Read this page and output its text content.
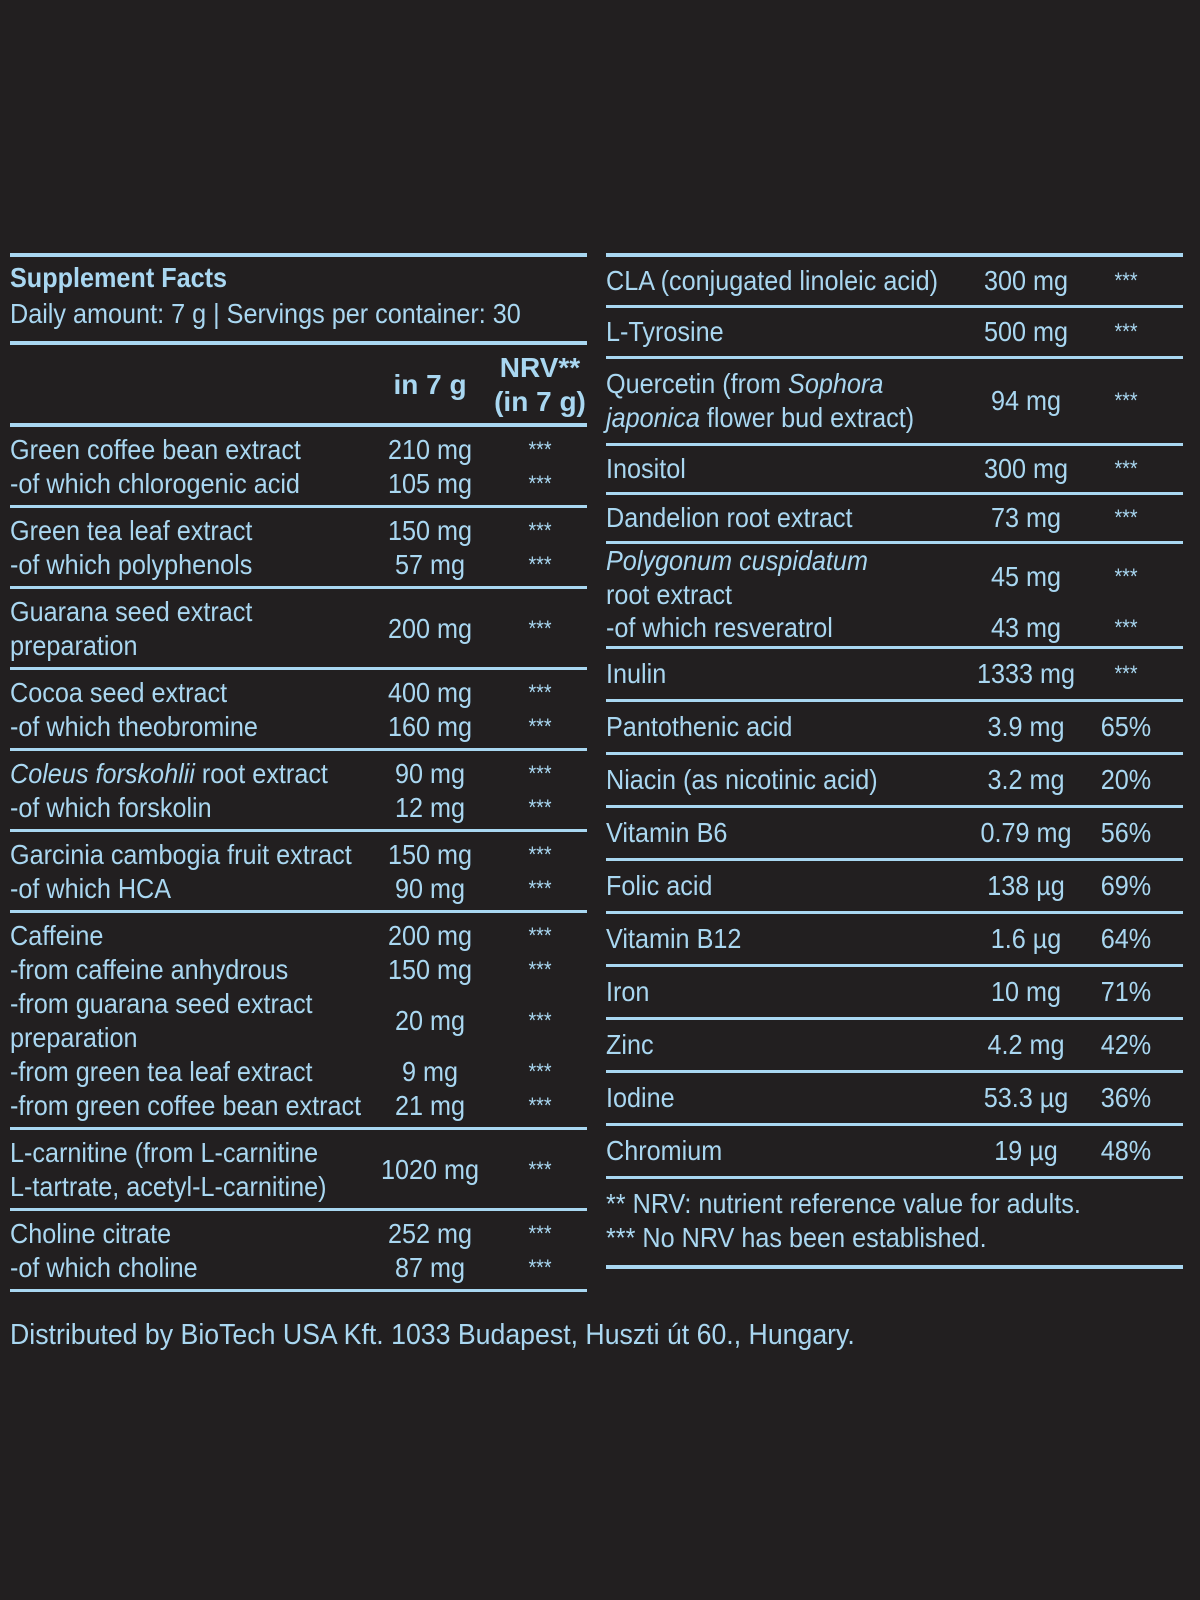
Supplement Facts
Daily amount: 7 g | Servings per container: 30
in 7 g
NRV**
(in 7 g)
Green coffee bean extract	210 mg	***
-of which chlorogenic acid	105 mg	***
Green tea leaf extract	150 mg	***
-of which polyphenols	57 mg	***
Guarana seed extract
preparation
200 mg	***
Cocoa seed extract	400 mg	***
-of which theobromine	160 mg	***
Coleus forskohlii root extract	90 mg	***
-of which forskolin	12 mg	***
Garcinia cambogia fruit extract	150 mg	***
-of which HCA	90 mg	***
Caffeine	200 mg	***
-from caffeine anhydrous	150 mg	***
-from guarana seed extract
preparation
20 mg	***
-from green tea leaf extract	9 mg	***
-from green coffee bean extract	21 mg	***
L-carnitine (from L-carnitine
L-tartrate, acetyl-L-carnitine)
1020 mg	***
Choline citrate	252 mg	***
-of which choline	87 mg	***
CLA (conjugated linoleic acid)	300 mg	***
L-Tyrosine	500 mg	***
Quercetin (from Sophora
japonica flower bud extract)
94 mg	***
Inositol	300 mg	***
Dandelion root extract	73 mg	***
Polygonum cuspidatum
root extract
45 mg	***
-of which resveratrol	43 mg	***
Inulin	1333 mg	***
Pantothenic acid	3.9 mg	65%
Niacin (as nicotinic acid)	3.2 mg	20%
Vitamin B6	0.79 mg	56%
Folic acid	138 µg	69%
Vitamin B12	1.6 µg	64%
Iron	10 mg	71%
Zinc	4.2 mg	42%
Iodine	53.3 µg	36%
Chromium	19 µg	48%
** NRV: nutrient reference value for adults.
*** No NRV has been established.
Distributed by BioTech USA Kft. 1033 Budapest, Huszti út 60., Hungary.
